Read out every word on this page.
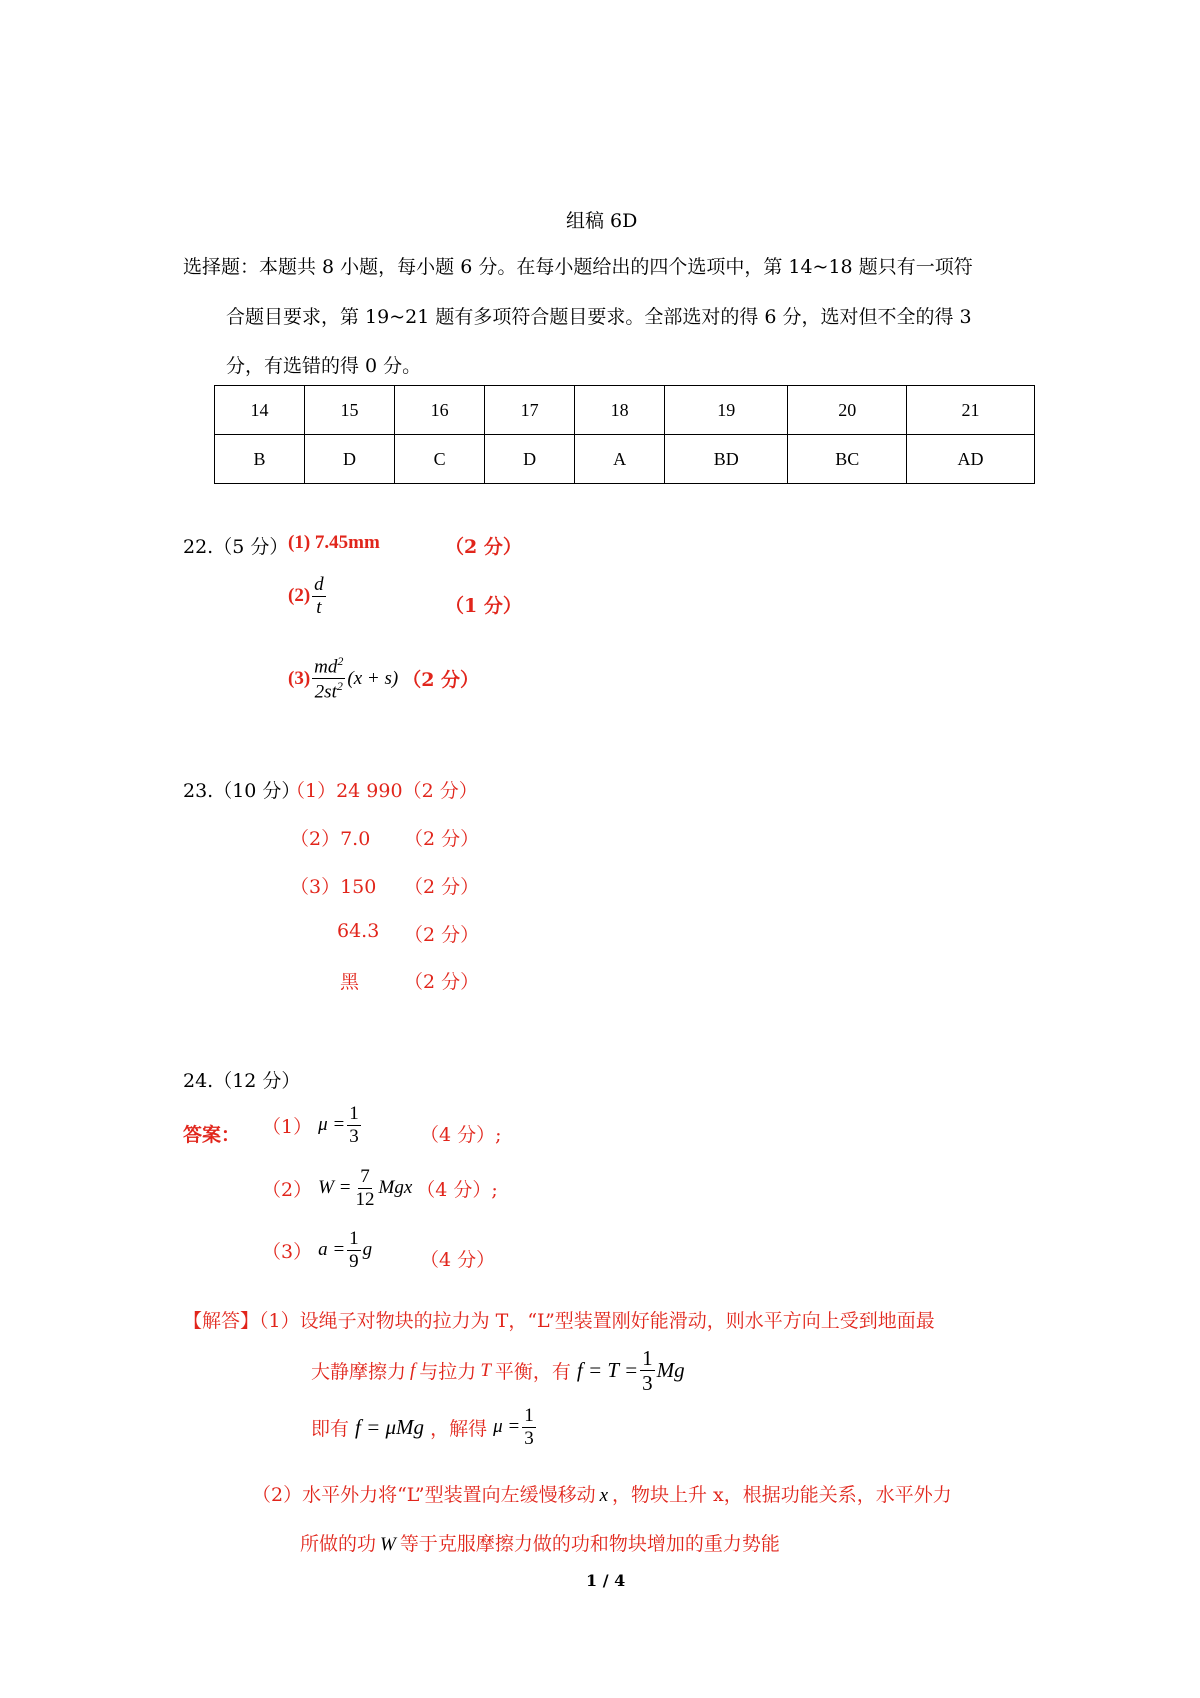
组稿 6D
选择题：本题共 8 小题，每小题 6 分。在每小题给出的四个选项中，第 14~18 题只有一项符
合题目要求，第 19~21 题有多项符合题目要求。全部选对的得 6 分，选对但不全的得 3
分，有选错的得 0 分。
14	15	16	17	18	19	20	21
B	D	C	D	A	BD	BC	AD
22.（5 分） (1) 7.45mm	（2 分）
$(2) \frac{d}{t}$	（1 分）
$(3) \frac{md^2}{2st^2} (x + s)$ （2 分）
23.（10 分）
（1）24 990（2 分）
（2）7.0 （2 分）
（3）150 （2 分）
64.3 （2 分）
黑 （2 分）
24.（12 分）
答案： （1） $\mu = \frac{1}{3}$	（4 分）;
（2） $W = \frac{7}{12}$ Mgx （4 分）;
（3） $a = \frac{1}{9}$ g	（4 分）
【解答】（1）设绳子对物块的拉力为 T，“L”型装置刚好能滑动，则水平方向上受到地面最
大静摩擦力 f 与拉力 T 平衡，有 $f = T = \frac{1}{3}$ Mg
即有 f = μMg ，解得 $\mu = \frac{1}{3}$
（2）水平外力将“L”型装置向左缓慢移动 x ，物块上升 x，根据功能关系，水平外力
所做的功 W 等于克服摩擦力做的功和物块增加的重力势能
1 / 4
